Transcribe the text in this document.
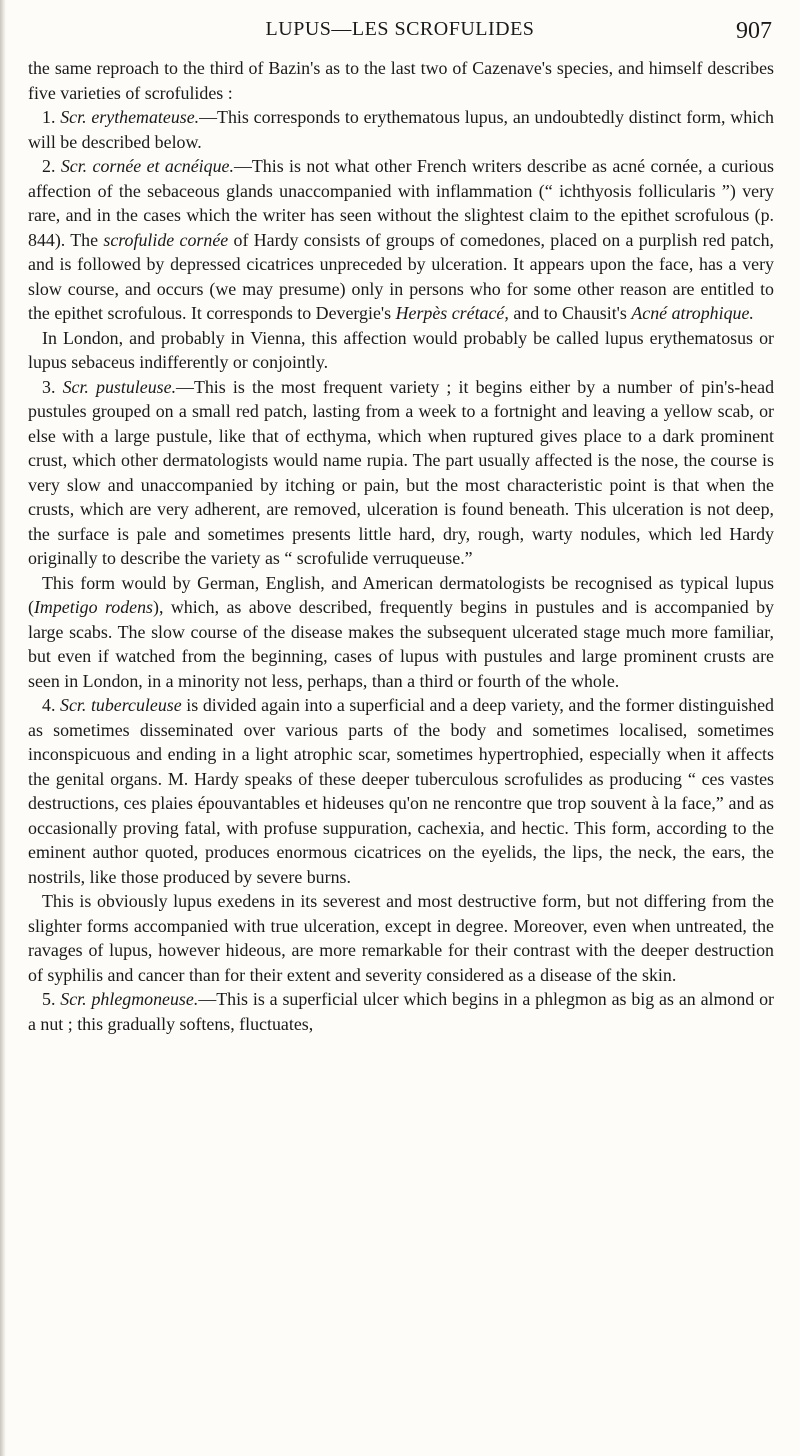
LUPUS—LES SCROFULIDES	907

the same reproach to the third of Bazin's as to the last two of Cazenave's species, and himself describes five varieties of scrofulides :

1. Scr. erythemateuse.—This corresponds to erythematous lupus, an undoubtedly distinct form, which will be described below.

2. Scr. cornée et acnéique.—This is not what other French writers describe as acné cornée, a curious affection of the sebaceous glands unaccompanied with inflammation (“ ichthyosis follicularis ”) very rare, and in the cases which the writer has seen without the slightest claim to the epithet scrofulous (p. 844). The scrofulide cornée of Hardy consists of groups of comedones, placed on a purplish red patch, and is followed by depressed cicatrices unpreceded by ulceration. It appears upon the face, has a very slow course, and occurs (we may presume) only in persons who for some other reason are entitled to the epithet scrofulous. It corresponds to Devergie's Herpès crétacé, and to Chausit's Acné atrophique.

In London, and probably in Vienna, this affection would probably be called lupus erythematosus or lupus sebaceus indifferently or conjointly.

3. Scr. pustuleuse.—This is the most frequent variety ; it begins either by a number of pin's-head pustules grouped on a small red patch, lasting from a week to a fortnight and leaving a yellow scab, or else with a large pustule, like that of ecthyma, which when ruptured gives place to a dark prominent crust, which other dermatologists would name rupia. The part usually affected is the nose, the course is very slow and unaccompanied by itching or pain, but the most characteristic point is that when the crusts, which are very adherent, are removed, ulceration is found beneath. This ulceration is not deep, the surface is pale and sometimes presents little hard, dry, rough, warty nodules, which led Hardy originally to describe the variety as “ scrofulide verruqueuse.”

This form would by German, English, and American dermatologists be recognised as typical lupus (Impetigo rodens), which, as above described, frequently begins in pustules and is accompanied by large scabs. The slow course of the disease makes the subsequent ulcerated stage much more familiar, but even if watched from the beginning, cases of lupus with pustules and large prominent crusts are seen in London, in a minority not less, perhaps, than a third or fourth of the whole.

4. Scr. tuberculeuse is divided again into a superficial and a deep variety, and the former distinguished as sometimes disseminated over various parts of the body and sometimes localised, sometimes inconspicuous and ending in a light atrophic scar, sometimes hypertrophied, especially when it affects the genital organs. M. Hardy speaks of these deeper tuberculous scrofulides as producing “ ces vastes destructions, ces plaies épouvantables et hideuses qu'on ne rencontre que trop souvent à la face,” and as occasionally proving fatal, with profuse suppuration, cachexia, and hectic. This form, according to the eminent author quoted, produces enormous cicatrices on the eyelids, the lips, the neck, the ears, the nostrils, like those produced by severe burns.

This is obviously lupus exedens in its severest and most destructive form, but not differing from the slighter forms accompanied with true ulceration, except in degree. Moreover, even when untreated, the ravages of lupus, however hideous, are more remarkable for their contrast with the deeper destruction of syphilis and cancer than for their extent and severity considered as a disease of the skin.

5. Scr. phlegmoneuse.—This is a superficial ulcer which begins in a phlegmon as big as an almond or a nut ; this gradually softens, fluctuates,
